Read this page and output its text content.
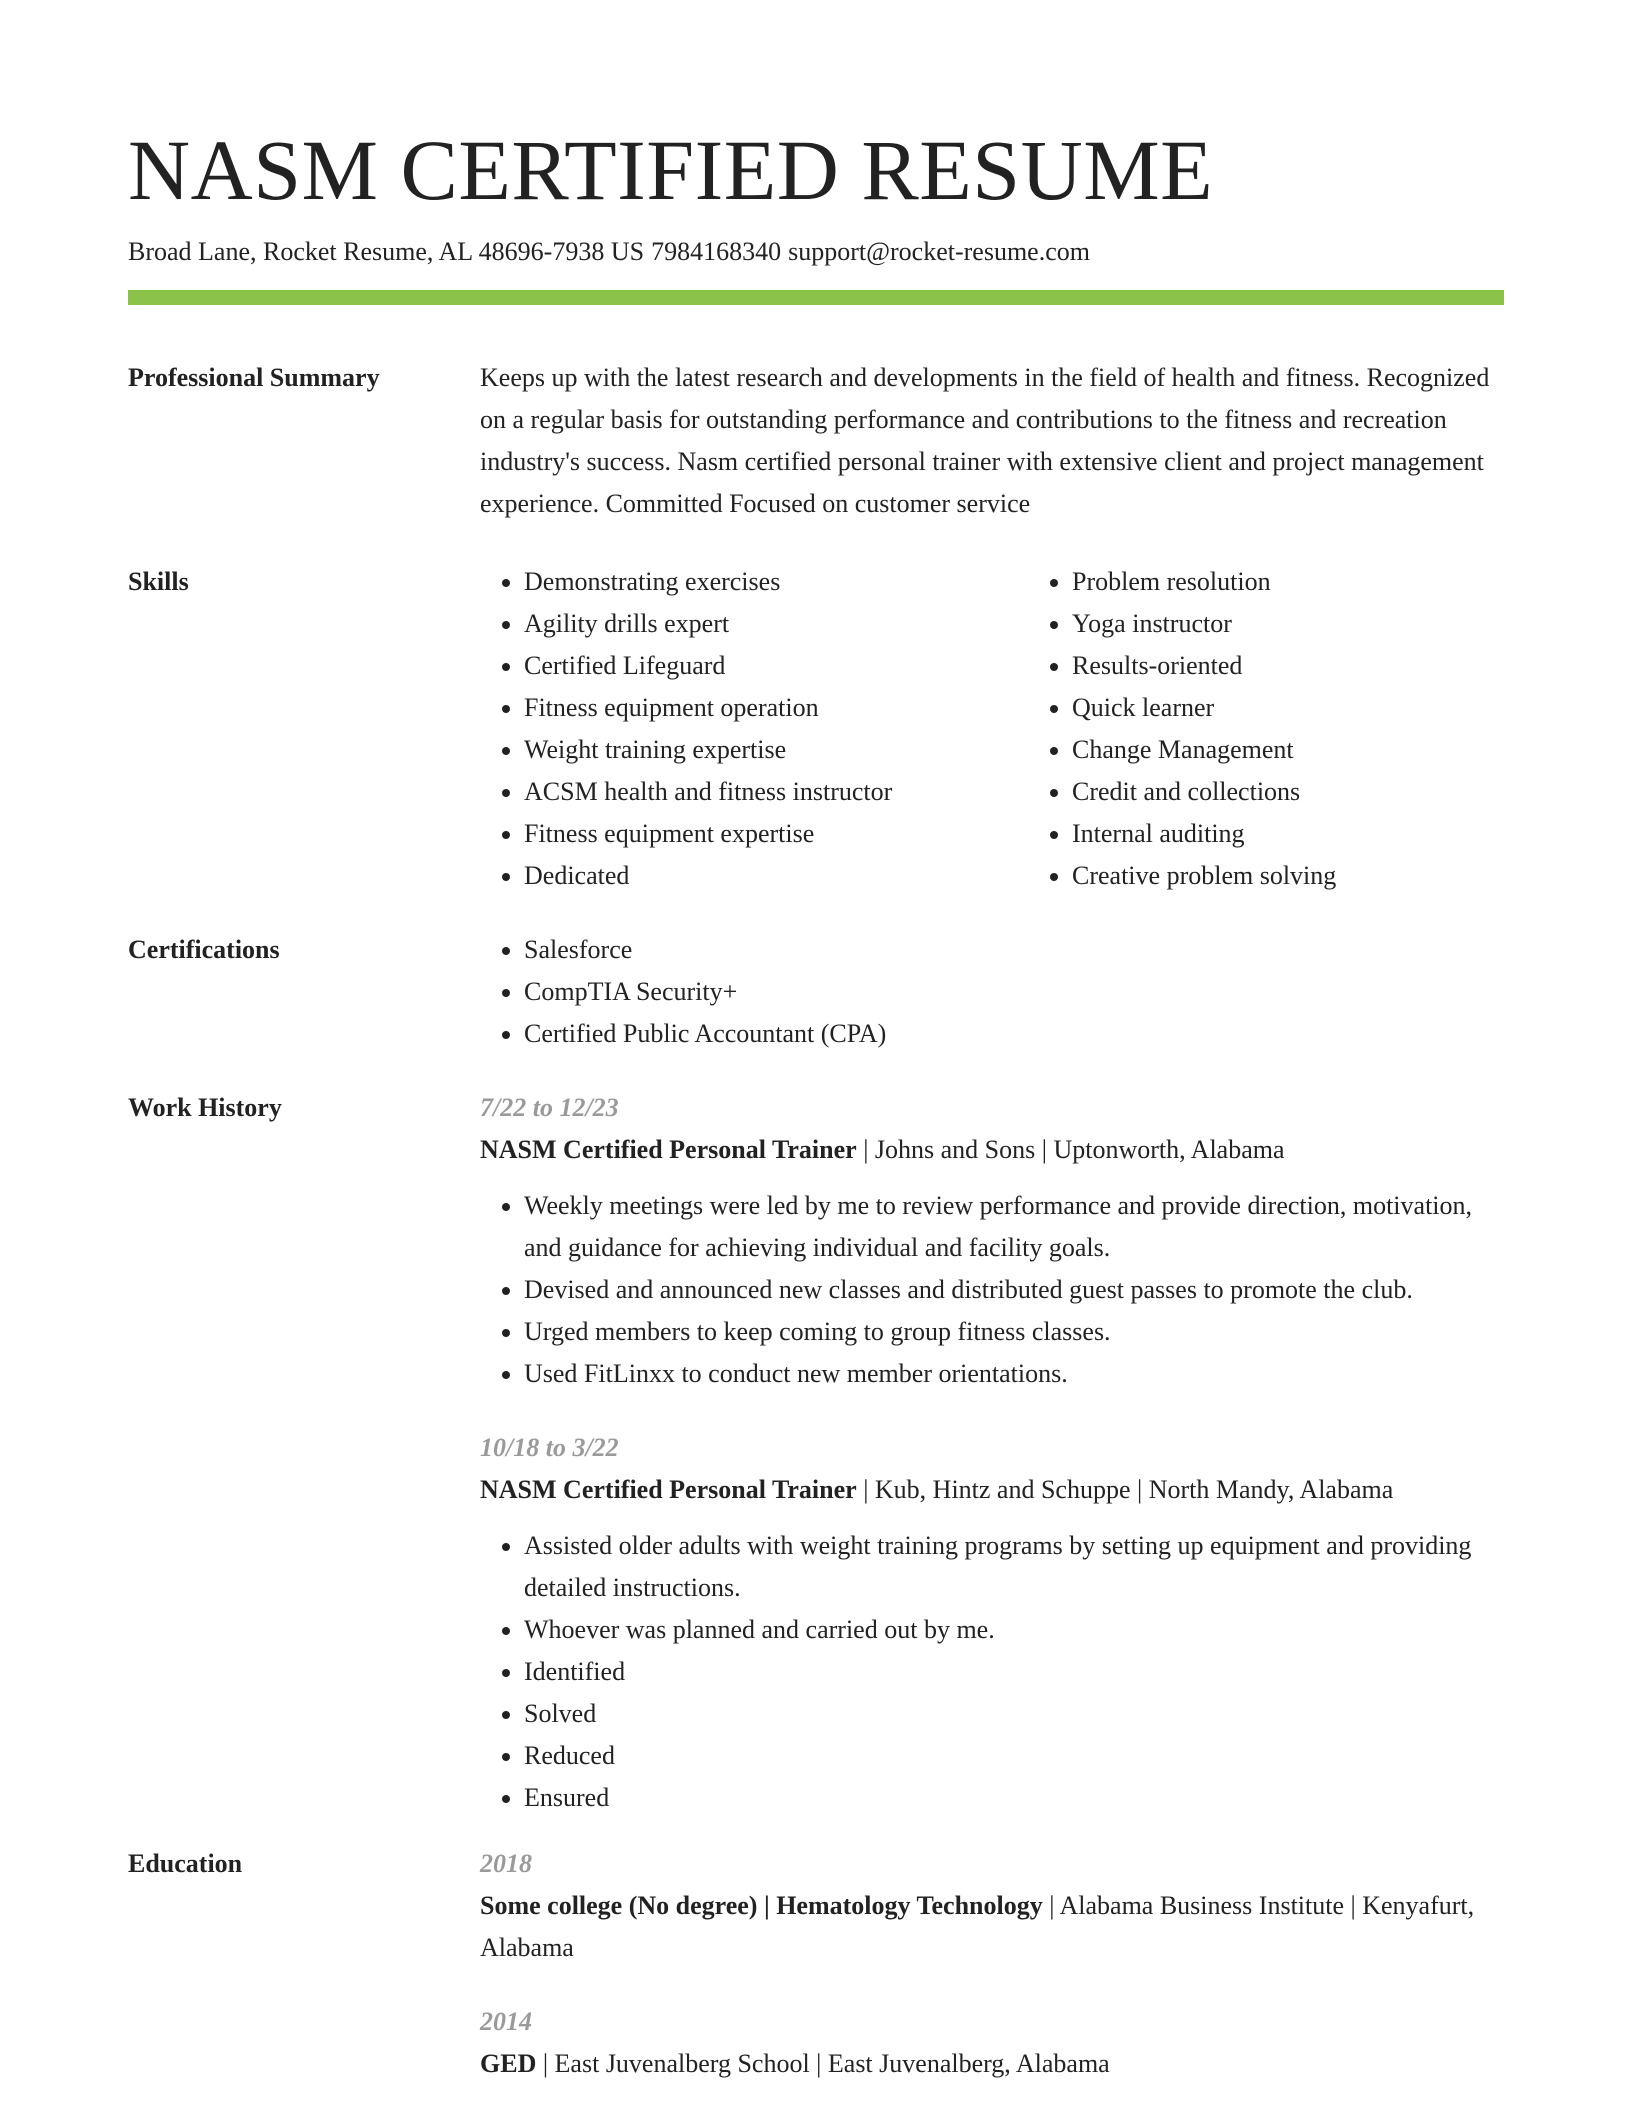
NASM CERTIFIED RESUME
Broad Lane, Rocket Resume, AL 48696-7938 US 7984168340 support@rocket-resume.com
Professional Summary	Keeps up with the latest research and developments in the field of health and fitness. Recognized on a regular basis for outstanding performance and contributions to the fitness and recreation industry's success. Nasm certified personal trainer with extensive client and project management experience. Committed Focused on customer service

Skills	• Demonstrating exercises
• Agility drills expert
• Certified Lifeguard
• Fitness equipment operation
• Weight training expertise
• ACSM health and fitness instructor
• Fitness equipment expertise
• Dedicated
• Problem resolution
• Yoga instructor
• Results-oriented
• Quick learner
• Change Management
• Credit and collections
• Internal auditing
• Creative problem solving
Certifications	• Salesforce
• CompTIA Security+
• Certified Public Accountant (CPA)
Work History	7/22 to 12/23
NASM Certified Personal Trainer | Johns and Sons | Uptonworth, Alabama
• Weekly meetings were led by me to review performance and provide direction, motivation, and guidance for achieving individual and facility goals.
• Devised and announced new classes and distributed guest passes to promote the club.
• Urged members to keep coming to group fitness classes.
• Used FitLinxx to conduct new member orientations.
10/18 to 3/22
NASM Certified Personal Trainer | Kub, Hintz and Schuppe | North Mandy, Alabama
• Assisted older adults with weight training programs by setting up equipment and providing detailed instructions.
• Whoever was planned and carried out by me.
• Identified
• Solved
• Reduced
• Ensured
Education	2018
Some college (No degree) | Hematology Technology | Alabama Business Institute | Kenyafurt, Alabama
2014
GED | East Juvenalberg School | East Juvenalberg, Alabama
